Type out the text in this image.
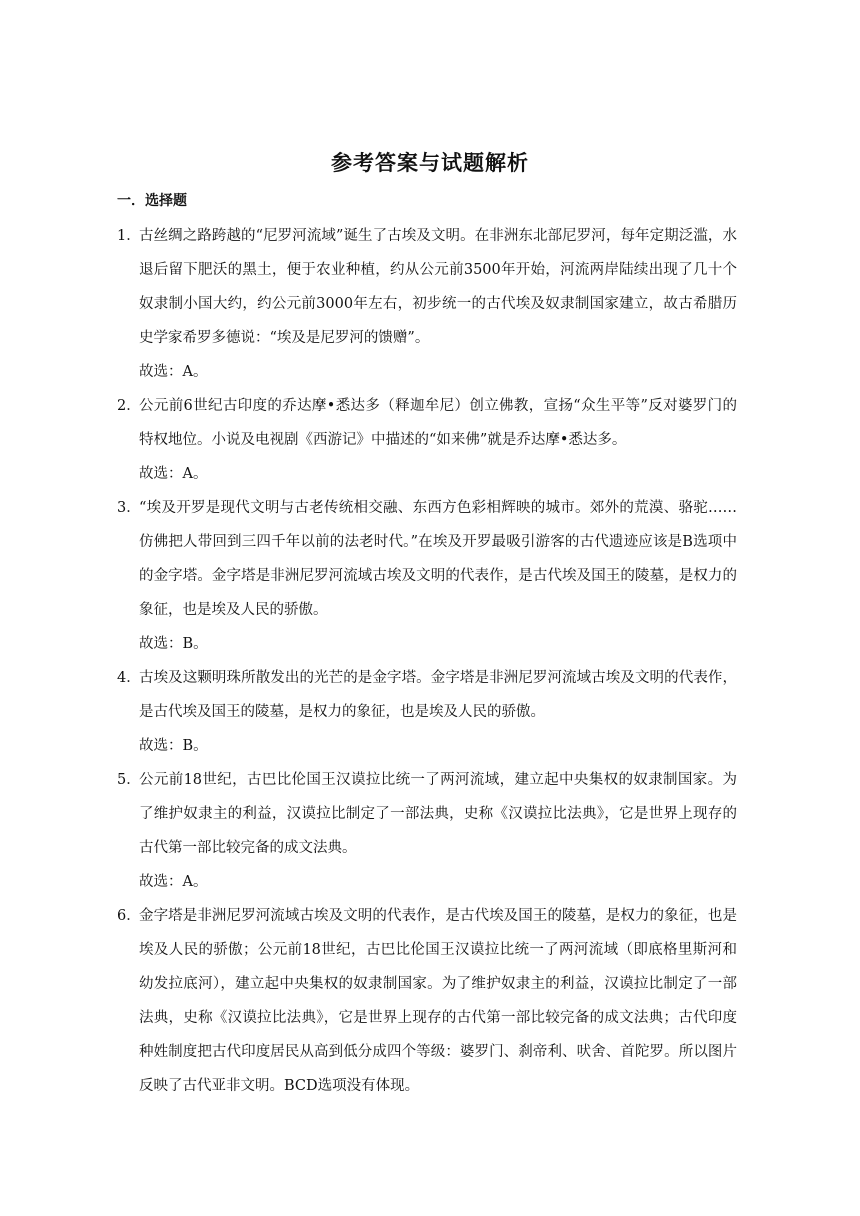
参考答案与试题解析
一．选择题
1．
古丝绸之路跨越的“尼罗河流域”诞生了古埃及文明。在非洲东北部尼罗河，每年定期泛滥，水退后留下肥沃的黑土，便于农业种植，约从公元前3500年开始，河流两岸陆续出现了几十个奴隶制小国大约，约公元前3000年左右，初步统一的古代埃及奴隶制国家建立，故古希腊历史学家希罗多德说：“埃及是尼罗河的馈赠”。
故选：A。
2．
公元前6世纪古印度的乔达摩•悉达多（释迦牟尼）创立佛教，宣扬“众生平等”反对婆罗门的特权地位。小说及电视剧《西游记》中描述的“如来佛”就是乔达摩•悉达多。
故选：A。
3．
“埃及开罗是现代文明与古老传统相交融、东西方色彩相辉映的城市。郊外的荒漠、骆驼……仿佛把人带回到三四千年以前的法老时代。”在埃及开罗最吸引游客的古代遗迹应该是B选项中的金字塔。金字塔是非洲尼罗河流域古埃及文明的代表作，是古代埃及国王的陵墓，是权力的象征，也是埃及人民的骄傲。
故选：B。
4．
古埃及这颗明珠所散发出的光芒的是金字塔。金字塔是非洲尼罗河流域古埃及文明的代表作，是古代埃及国王的陵墓，是权力的象征，也是埃及人民的骄傲。
故选：B。
5．
公元前18世纪，古巴比伦国王汉谟拉比统一了两河流域，建立起中央集权的奴隶制国家。为了维护奴隶主的利益，汉谟拉比制定了一部法典，史称《汉谟拉比法典》，它是世界上现存的古代第一部比较完备的成文法典。
故选：A。
6．
金字塔是非洲尼罗河流域古埃及文明的代表作，是古代埃及国王的陵墓，是权力的象征，也是埃及人民的骄傲；公元前18世纪，古巴比伦国王汉谟拉比统一了两河流域（即底格里斯河和幼发拉底河），建立起中央集权的奴隶制国家。为了维护奴隶主的利益，汉谟拉比制定了一部法典，史称《汉谟拉比法典》，它是世界上现存的古代第一部比较完备的成文法典；古代印度种姓制度把古代印度居民从高到低分成四个等级：婆罗门、刹帝利、吠舍、首陀罗。所以图片反映了古代亚非文明。BCD选项没有体现。
